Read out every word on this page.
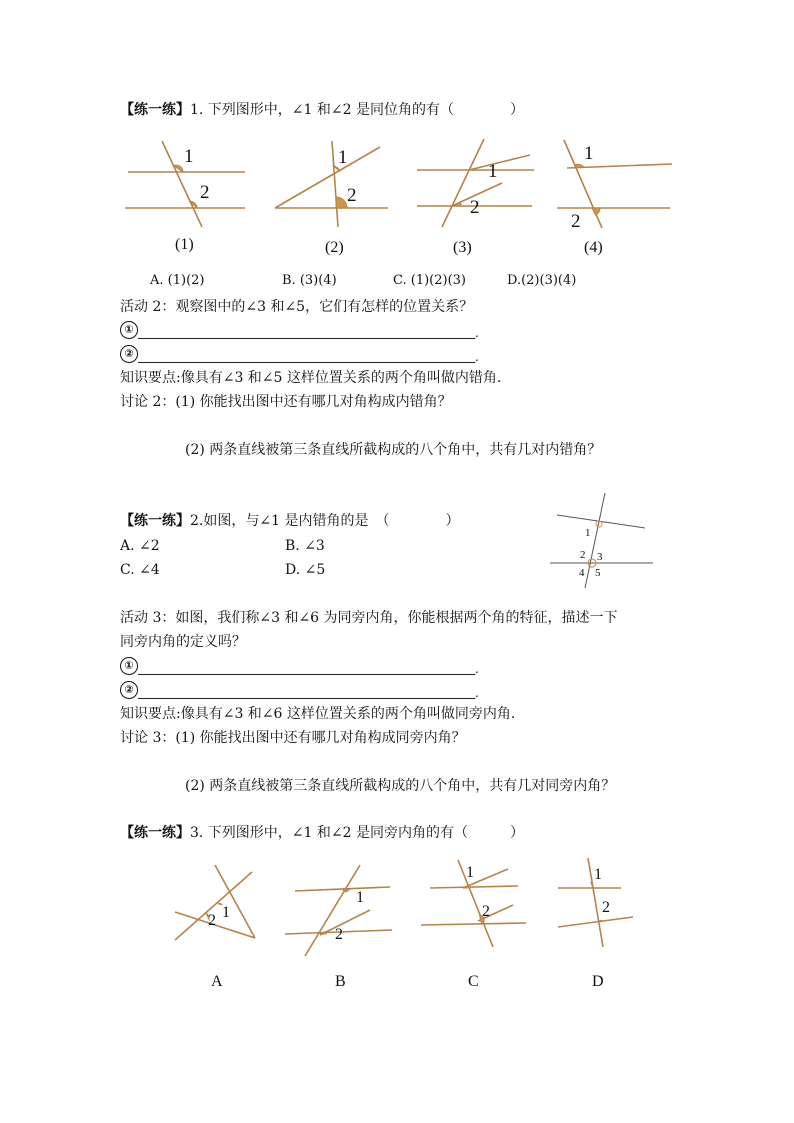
【练一练】1. 下列图形中，∠1 和∠2 是同位角的有（　　　　）
1
2
1
2
1
2
1
2
(1)	(2)	(3)	(4)
A. (1)(2)	B. (3)(4)	C. (1)(2)(3)	D.(2)(3)(4)
活动 2：观察图中的∠3 和∠5，它们有怎样的位置关系？
①	.
②	.
知识要点:像具有∠3 和∠5 这样位置关系的两个角叫做内错角.
讨论 2：(1) 你能找出图中还有哪几对角构成内错角？
(2) 两条直线被第三条直线所截构成的八个角中，共有几对内错角？
【练一练】2.如图，与∠1 是内错角的是　（　　　　）
A. ∠2	B. ∠3
C. ∠4	D. ∠5
1
2 3
4 5
活动 3：如图，我们称∠3 和∠6 为同旁内角，你能根据两个角的特征，描述一下
同旁内角的定义吗？
①	.
②	.
知识要点:像具有∠3 和∠6 这样位置关系的两个角叫做同旁内角.
讨论 3：(1) 你能找出图中还有哪几对角构成同旁内角？
(2) 两条直线被第三条直线所截构成的八个角中，共有几对同旁内角？
【练一练】3. 下列图形中，∠1 和∠2 是同旁内角的有（　　　）
1
2
1
2
1
2
1
2
A	B	C	D
